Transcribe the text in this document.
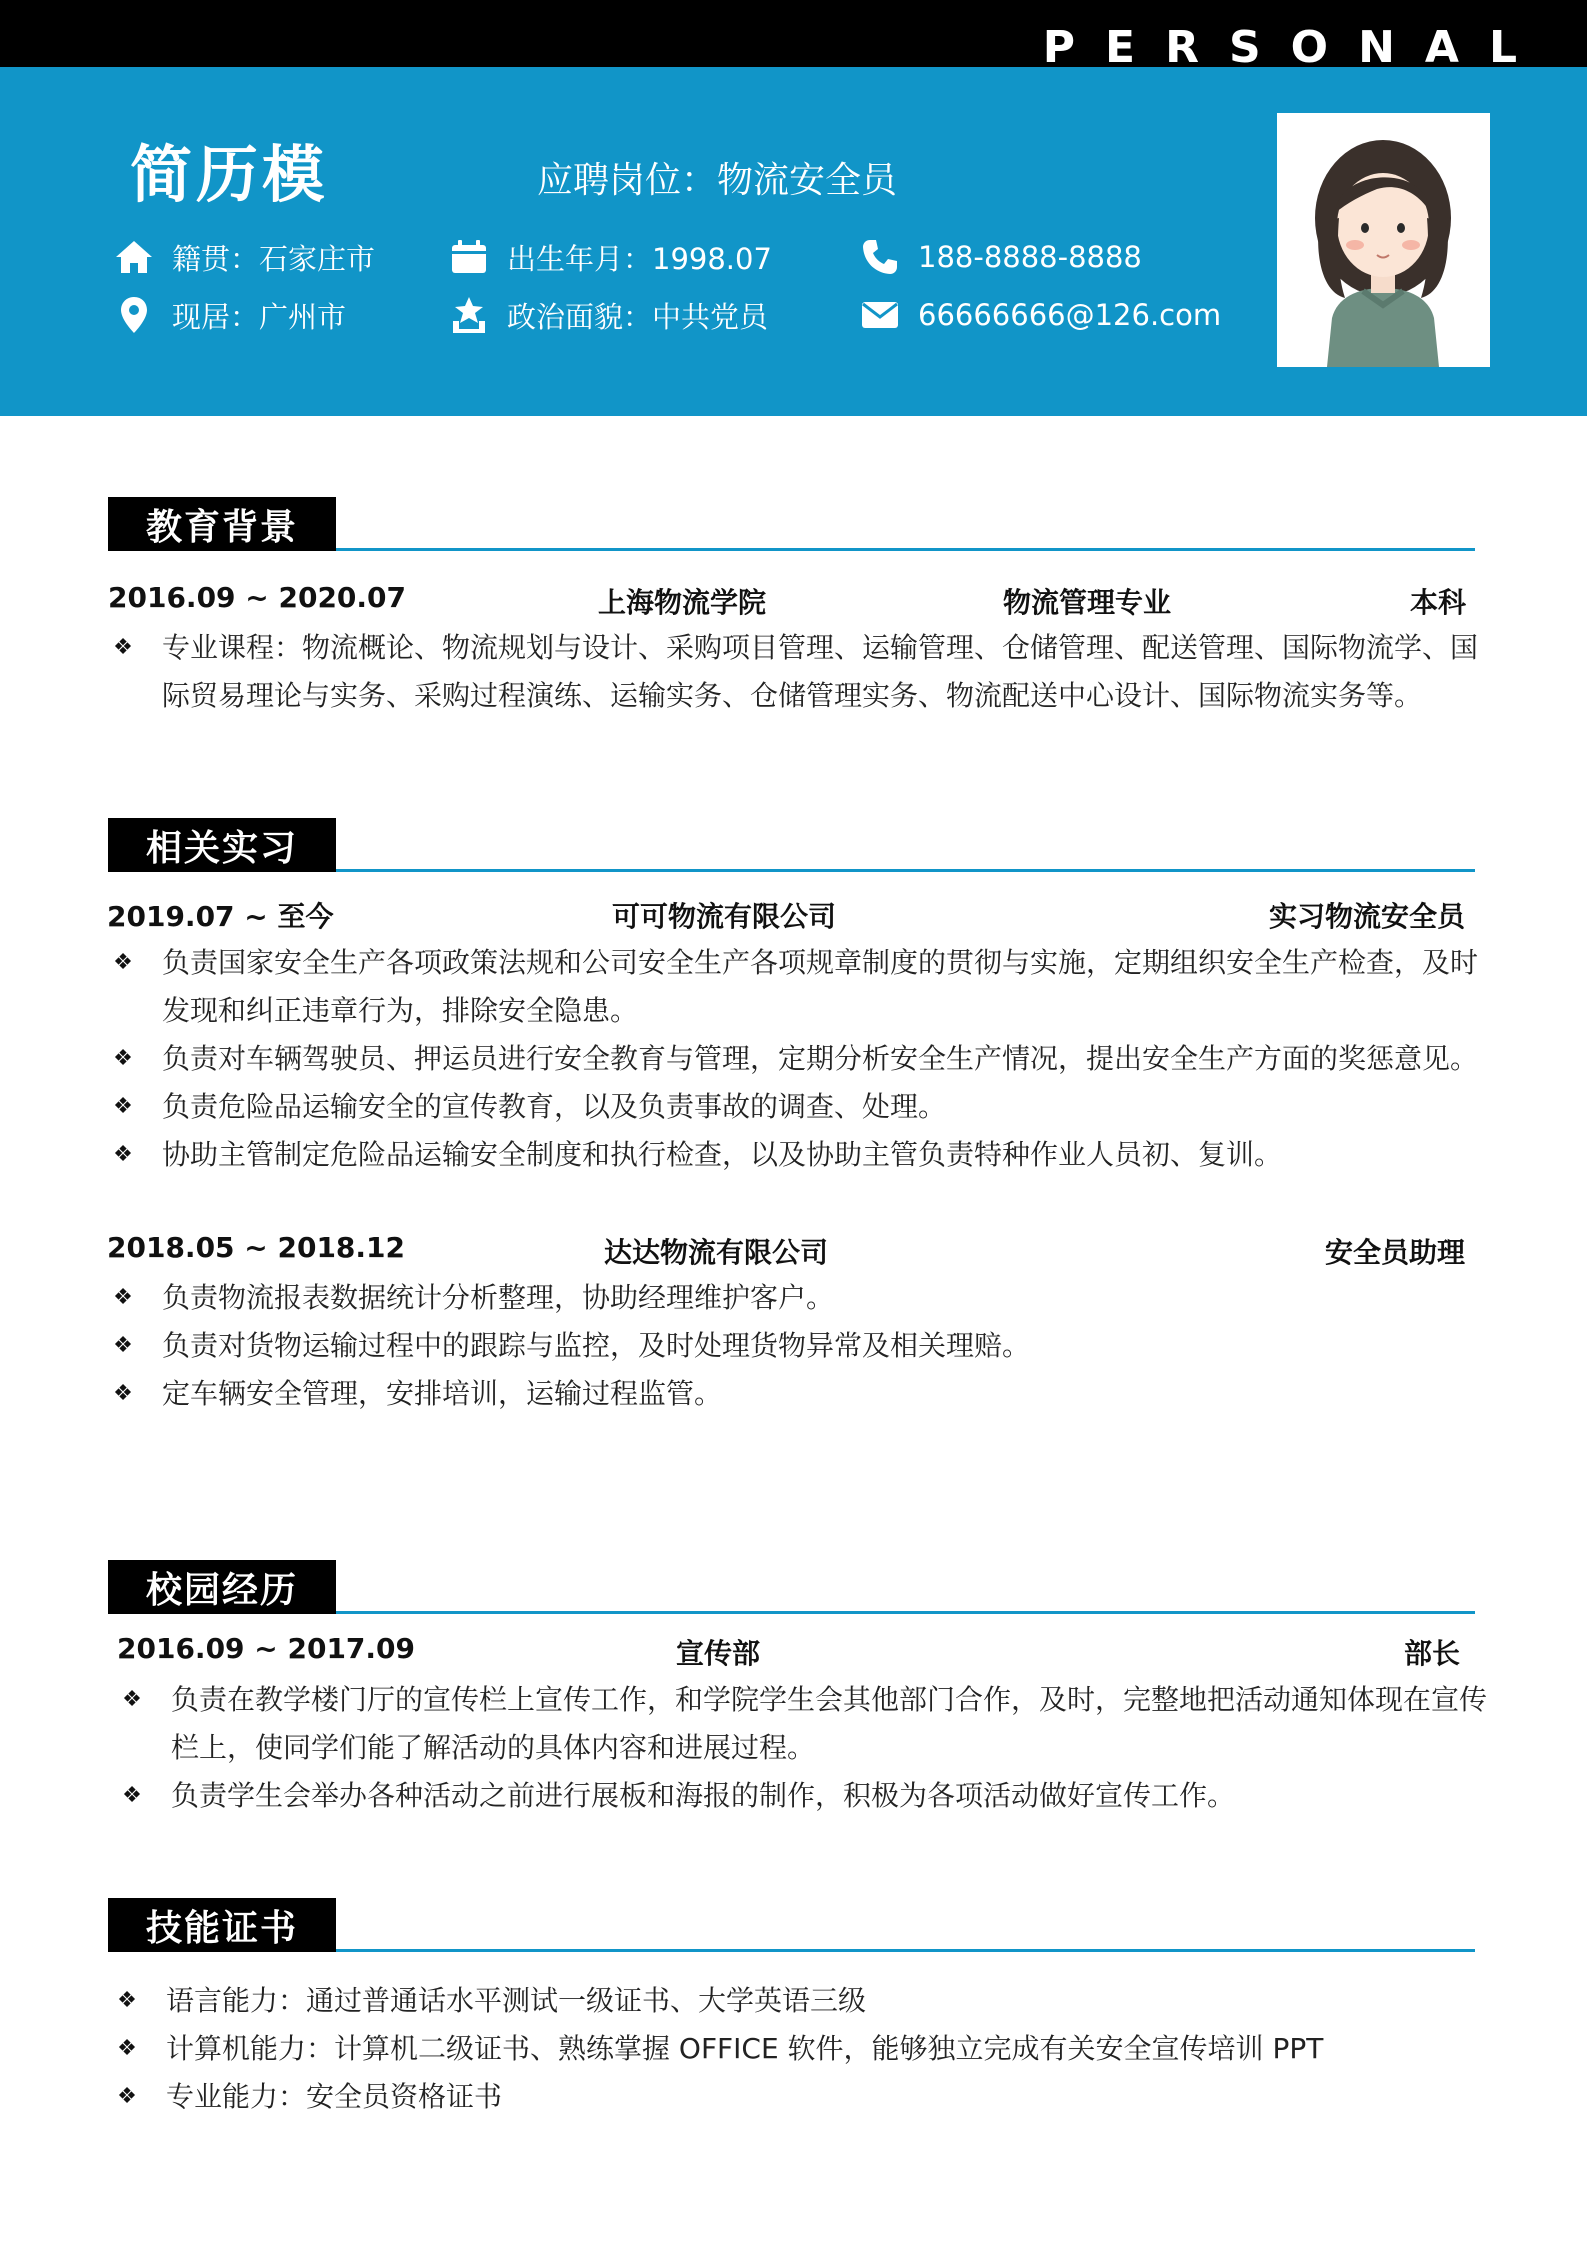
PERSONAL
简历模	应聘岗位：物流安全员
籍贯：石家庄市
现居：广州市
出生年月：1998.07
政治面貌：中共党员
188-8888-8888
66666666@126.com
教育背景
2016.09 ~ 2020.07	上海物流学院	物流管理专业	本科
❖ 专业课程：物流概论、物流规划与设计、采购项目管理、运输管理、仓储管理、配送管理、国际物流学、国际贸易理论与实务、采购过程演练、运输实务、仓储管理实务、物流配送中心设计、国际物流实务等。
相关实习
2019.07 ~ 至今	可可物流有限公司	实习物流安全员
❖ 负责国家安全生产各项政策法规和公司安全生产各项规章制度的贯彻与实施，定期组织安全生产检查，及时发现和纠正违章行为，排除安全隐患。
❖ 负责对车辆驾驶员、押运员进行安全教育与管理，定期分析安全生产情况，提出安全生产方面的奖惩意见。
❖ 负责危险品运输安全的宣传教育，以及负责事故的调查、处理。
❖ 协助主管制定危险品运输安全制度和执行检查，以及协助主管负责特种作业人员初、复训。
2018.05 ~ 2018.12	达达物流有限公司	安全员助理
❖ 负责物流报表数据统计分析整理，协助经理维护客户。
❖ 负责对货物运输过程中的跟踪与监控，及时处理货物异常及相关理赔。
❖ 定车辆安全管理，安排培训，运输过程监管。
校园经历
2016.09 ~ 2017.09	宣传部	部长
❖ 负责在教学楼门厅的宣传栏上宣传工作，和学院学生会其他部门合作，及时，完整地把活动通知体现在宣传栏上，使同学们能了解活动的具体内容和进展过程。
❖ 负责学生会举办各种活动之前进行展板和海报的制作，积极为各项活动做好宣传工作。
技能证书
❖ 语言能力：通过普通话水平测试一级证书、大学英语三级
❖ 计算机能力：计算机二级证书、熟练掌握 OFFICE 软件，能够独立完成有关安全宣传培训 PPT
❖ 专业能力：安全员资格证书
